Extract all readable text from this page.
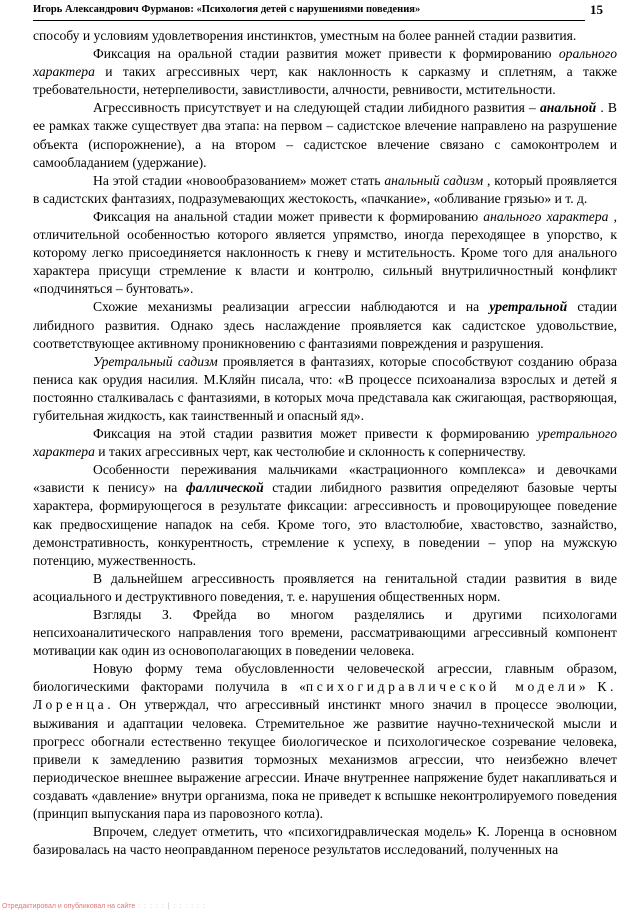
Игорь Александрович Фурманов: «Психология детей с нарушениями поведения»	15

способу и условиям удовлетворения инстинктов, уместным на более ранней стадии развития.

Фиксация на оральной стадии развития может привести к формированию орального характера и таких агрессивных черт, как наклонность к сарказму и сплетням, а также требовательности, нетерпеливости, завистливости, алчности, ревнивости, мстительности.

Агрессивность присутствует и на следующей стадии либидного развития – анальной . В ее рамках также существует два этапа: на первом – садистское влечение направлено на разрушение объекта (испорожнение), а на втором – садистское влечение связано с самоконтролем и самообладанием (удержание).

На этой стадии «новообразованием» может стать анальный садизм , который проявляется в садистских фантазиях, подразумевающих жестокость, «пачкание», «обливание грязью» и т. д.

Фиксация на анальной стадии может привести к формированию анального характера , отличительной особенностью которого является упрямство, иногда переходящее в упорство, к которому легко присоединяется наклонность к гневу и мстительность. Кроме того для анального характера присущи стремление к власти и контролю, сильный внутриличностный конфликт «подчиняться – бунтовать».

Схожие механизмы реализации агрессии наблюдаются и на уретральной стадии либидного развития. Однако здесь наслаждение проявляется как садистское удовольствие, соответствующее активному проникновению с фантазиями повреждения и разрушения.

Уретральный садизм проявляется в фантазиях, которые способствуют созданию образа пениса как орудия насилия. М.Кляйн писала, что: «В процессе психоанализа взрослых и детей я постоянно сталкивалась с фантазиями, в которых моча представала как сжигающая, растворяющая, губительная жидкость, как таинственный и опасный яд».

Фиксация на этой стадии развития может привести к формированию уретрального характера и таких агрессивных черт, как честолюбие и склонность к соперничеству.

Особенности переживания мальчиками «кастрационного комплекса» и девочками «зависти к пенису» на фаллической стадии либидного развития определяют базовые черты характера, формирующегося в результате фиксации: агрессивность и провоцирующее поведение как предвосхищение нападок на себя. Кроме того, это властолюбие, хвастовство, зазнайство, демонстративность, конкурентность, стремление к успеху, в поведении – упор на мужскую потенцию, мужественность.

В дальнейшем агрессивность проявляется на генитальной стадии развития в виде асоциального и деструктивного поведения, т. е. нарушения общественных норм.

Взгляды З. Фрейда во многом разделялись и другими психологами непсихоаналитического направления того времени, рассматривающими агрессивный компонент мотивации как один из основополагающих в поведении человека.

Новую форму тема обусловленности человеческой агрессии, главным образом, биологическими факторами получила в «психогидравлической модели» К. Лоренца. Он утверждал, что агрессивный инстинкт много значил в процессе эволюции, выживания и адаптации человека. Стремительное же развитие научно-технической мысли и прогресс обогнали естественно текущее биологическое и психологическое созревание человека, привели к замедлению развития тормозных механизмов агрессии, что неизбежно влечет периодическое внешнее выражение агрессии. Иначе внутреннее напряжение будет накапливаться и создавать «давление» внутри организма, пока не приведет к вспышке неконтролируемого поведения (принцип выпускания пара из паровозного котла).

Впрочем, следует отметить, что «психогидравлическая модель» К. Лоренца в основном базировалась на часто неоправданном переносе результатов исследований, полученных на

Отредактировал и опубликовал на сайте : : : : : | : : : : : :
